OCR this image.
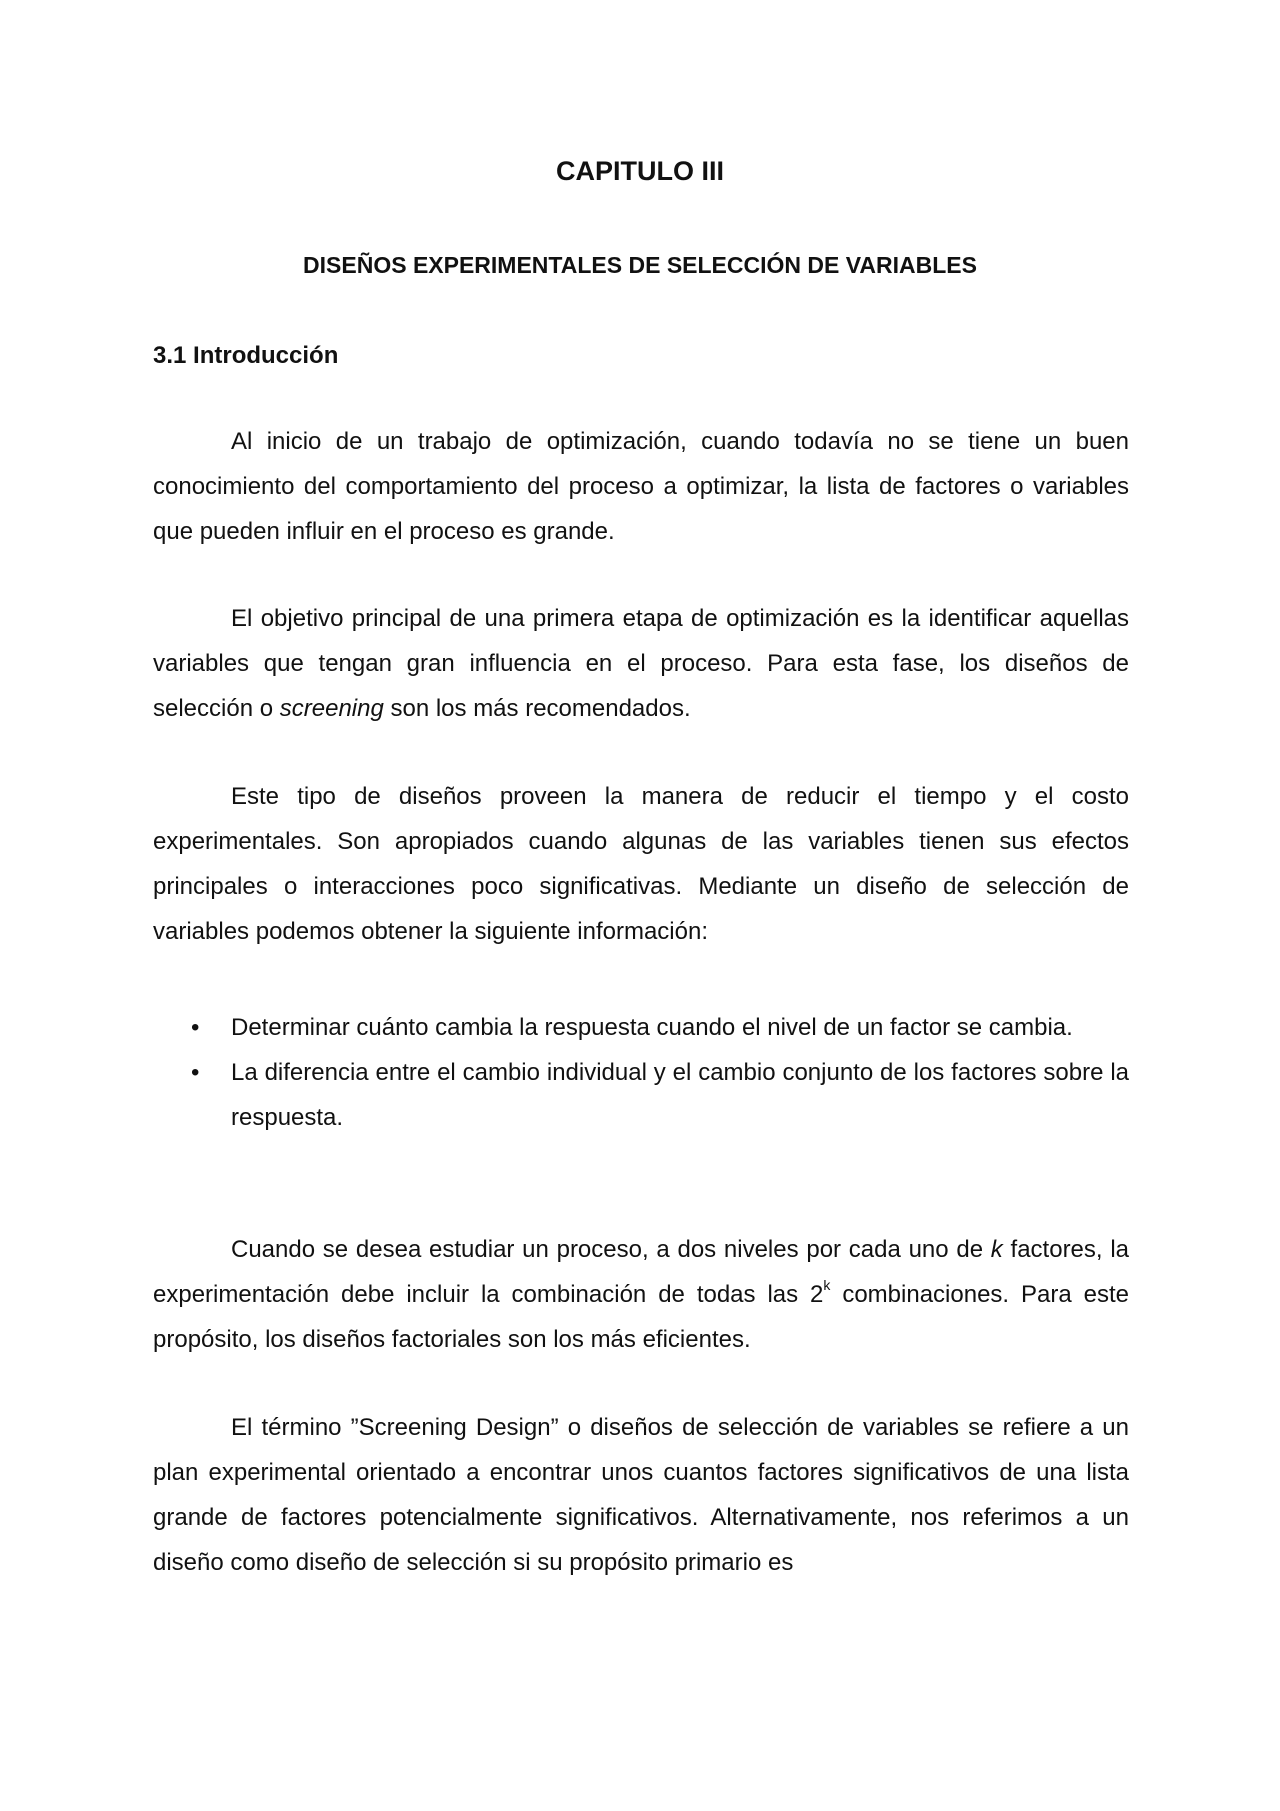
CAPITULO III
DISEÑOS EXPERIMENTALES DE SELECCIÓN DE VARIABLES
3.1 Introducción

Al inicio de un trabajo de optimización, cuando todavía no se tiene un buen conocimiento del comportamiento del proceso a optimizar, la lista de factores o variables que pueden influir en el proceso es grande.

El objetivo principal de una primera etapa de optimización es la identificar aquellas variables que tengan gran influencia en el proceso. Para esta fase, los diseños de selección o screening son los más recomendados.

Este tipo de diseños proveen la manera de reducir el tiempo y el costo experimentales. Son apropiados cuando algunas de las variables tienen sus efectos principales o interacciones poco significativas. Mediante un diseño de selección de variables podemos obtener la siguiente información:

• Determinar cuánto cambia la respuesta cuando el nivel de un factor se cambia.
• La diferencia entre el cambio individual y el cambio conjunto de los factores sobre la respuesta.

Cuando se desea estudiar un proceso, a dos niveles por cada uno de k factores, la experimentación debe incluir la combinación de todas las 2$^k$ combinaciones. Para este propósito, los diseños factoriales son los más eficientes.

El término ”Screening Design” o diseños de selección de variables se refiere a un plan experimental orientado a encontrar unos cuantos factores significativos de una lista grande de factores potencialmente significativos. Alternativamente, nos referimos a un diseño como diseño de selección si su propósito primario es
